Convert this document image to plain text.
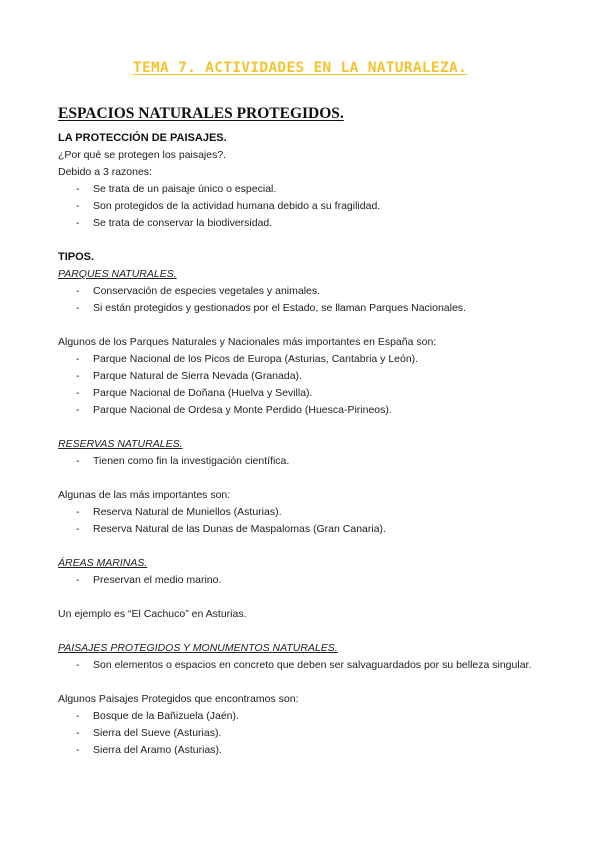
TEMA 7. ACTIVIDADES EN LA NATURALEZA.
ESPACIOS NATURALES PROTEGIDOS.
LA PROTECCIÓN DE PAISAJES.
¿Por qué se protegen los paisajes?.
Debido a 3 razones:
- Se trata de un paisaje único o especial.
- Son protegidos de la actividad humana debido a su fragilidad.
- Se trata de conservar la biodiversidad.
TIPOS.
PARQUES NATURALES.
- Conservación de especies vegetales y animales.
- Si están protegidos y gestionados por el Estado, se llaman Parques Nacionales.
Algunos de los Parques Naturales y Nacionales más importantes en España son:
- Parque Nacional de los Picos de Europa (Asturias, Cantabria y León).
- Parque Natural de Sierra Nevada (Granada).
- Parque Nacional de Doñana (Huelva y Sevilla).
- Parque Nacional de Ordesa y Monte Perdido (Huesca-Pirineos).
RESERVAS NATURALES.
- Tienen como fin la investigación científica.
Algunas de las más importantes son:
- Reserva Natural de Muniellos (Asturias).
- Reserva Natural de las Dunas de Maspalomas (Gran Canaria).
ÁREAS MARINAS.
- Preservan el medio marino.
Un ejemplo es “El Cachuco” en Asturias.
PAISAJES PROTEGIDOS Y MONUMENTOS NATURALES.
- Son elementos o espacios en concreto que deben ser salvaguardados por su belleza singular.
Algunos Paisajes Protegidos que encontramos son:
- Bosque de la Bañizuela (Jaén).
- Sierra del Sueve (Asturias).
- Sierra del Aramo (Asturias).
